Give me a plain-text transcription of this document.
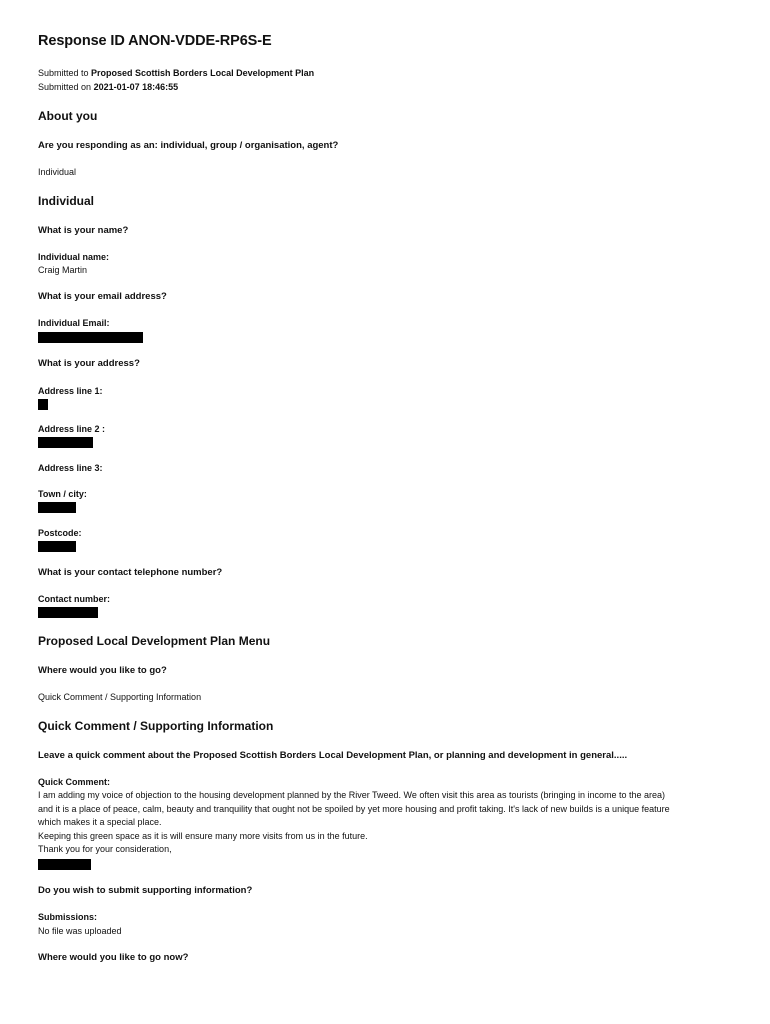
Response ID ANON-VDDE-RP6S-E
Submitted to Proposed Scottish Borders Local Development Plan
Submitted on 2021-01-07 18:46:55
About you
Are you responding as an: individual, group / organisation, agent?
Individual
Individual
What is your name?
Individual name:
Craig Martin
What is your email address?
Individual Email:
What is your address?
Address line 1:
Address line 2 :
Address line 3:
Town / city:
Postcode:
What is your contact telephone number?
Contact number:
Proposed Local Development Plan Menu
Where would you like to go?
Quick Comment / Supporting Information
Quick Comment / Supporting Information
Leave a quick comment about the Proposed Scottish Borders Local Development Plan, or planning and development in general.....
Quick Comment:
I am adding my voice of objection to the housing development planned by the River Tweed. We often visit this area as tourists (bringing in income to the area)
and it is a place of peace, calm, beauty and tranquility that ought not be spoiled by yet more housing and profit taking. It's lack of new builds is a unique feature
which makes it a special place.
Keeping this green space as it is will ensure many more visits from us in the future.
Thank you for your consideration,
Do you wish to submit supporting information?
Submissions:
No file was uploaded
Where would you like to go now?
